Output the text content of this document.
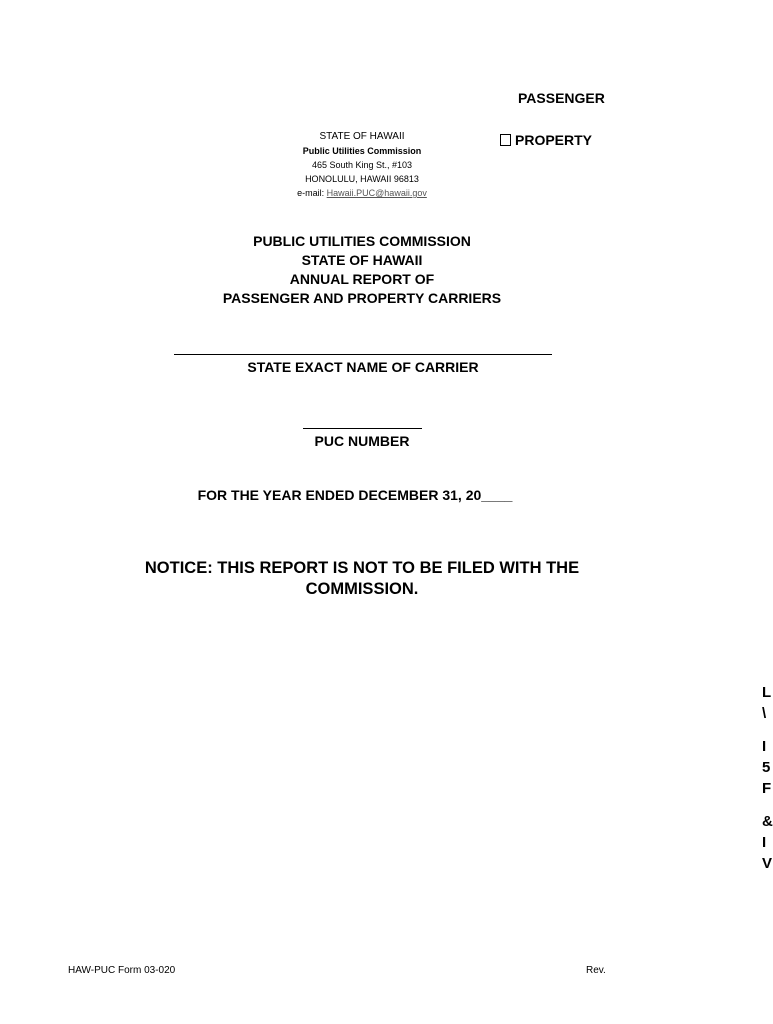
PASSENGER
PROPERTY
STATE OF HAWAII
Public Utilities Commission
465 South King St., #103
HONOLULU, HAWAII 96813
e-mail: Hawaii.PUC@hawaii.gov
PUBLIC UTILITIES COMMISSION
STATE OF HAWAII
ANNUAL REPORT OF
PASSENGER AND PROPERTY CARRIERS
STATE EXACT NAME OF CARRIER
PUC NUMBER
FOR THE YEAR ENDED DECEMBER 31, 20____
NOTICE: THIS REPORT IS NOT TO BE FILED WITH THE
COMMISSION.
L
\
I
5
F
&
I
V
HAW-PUC Form 03-020	Rev.
